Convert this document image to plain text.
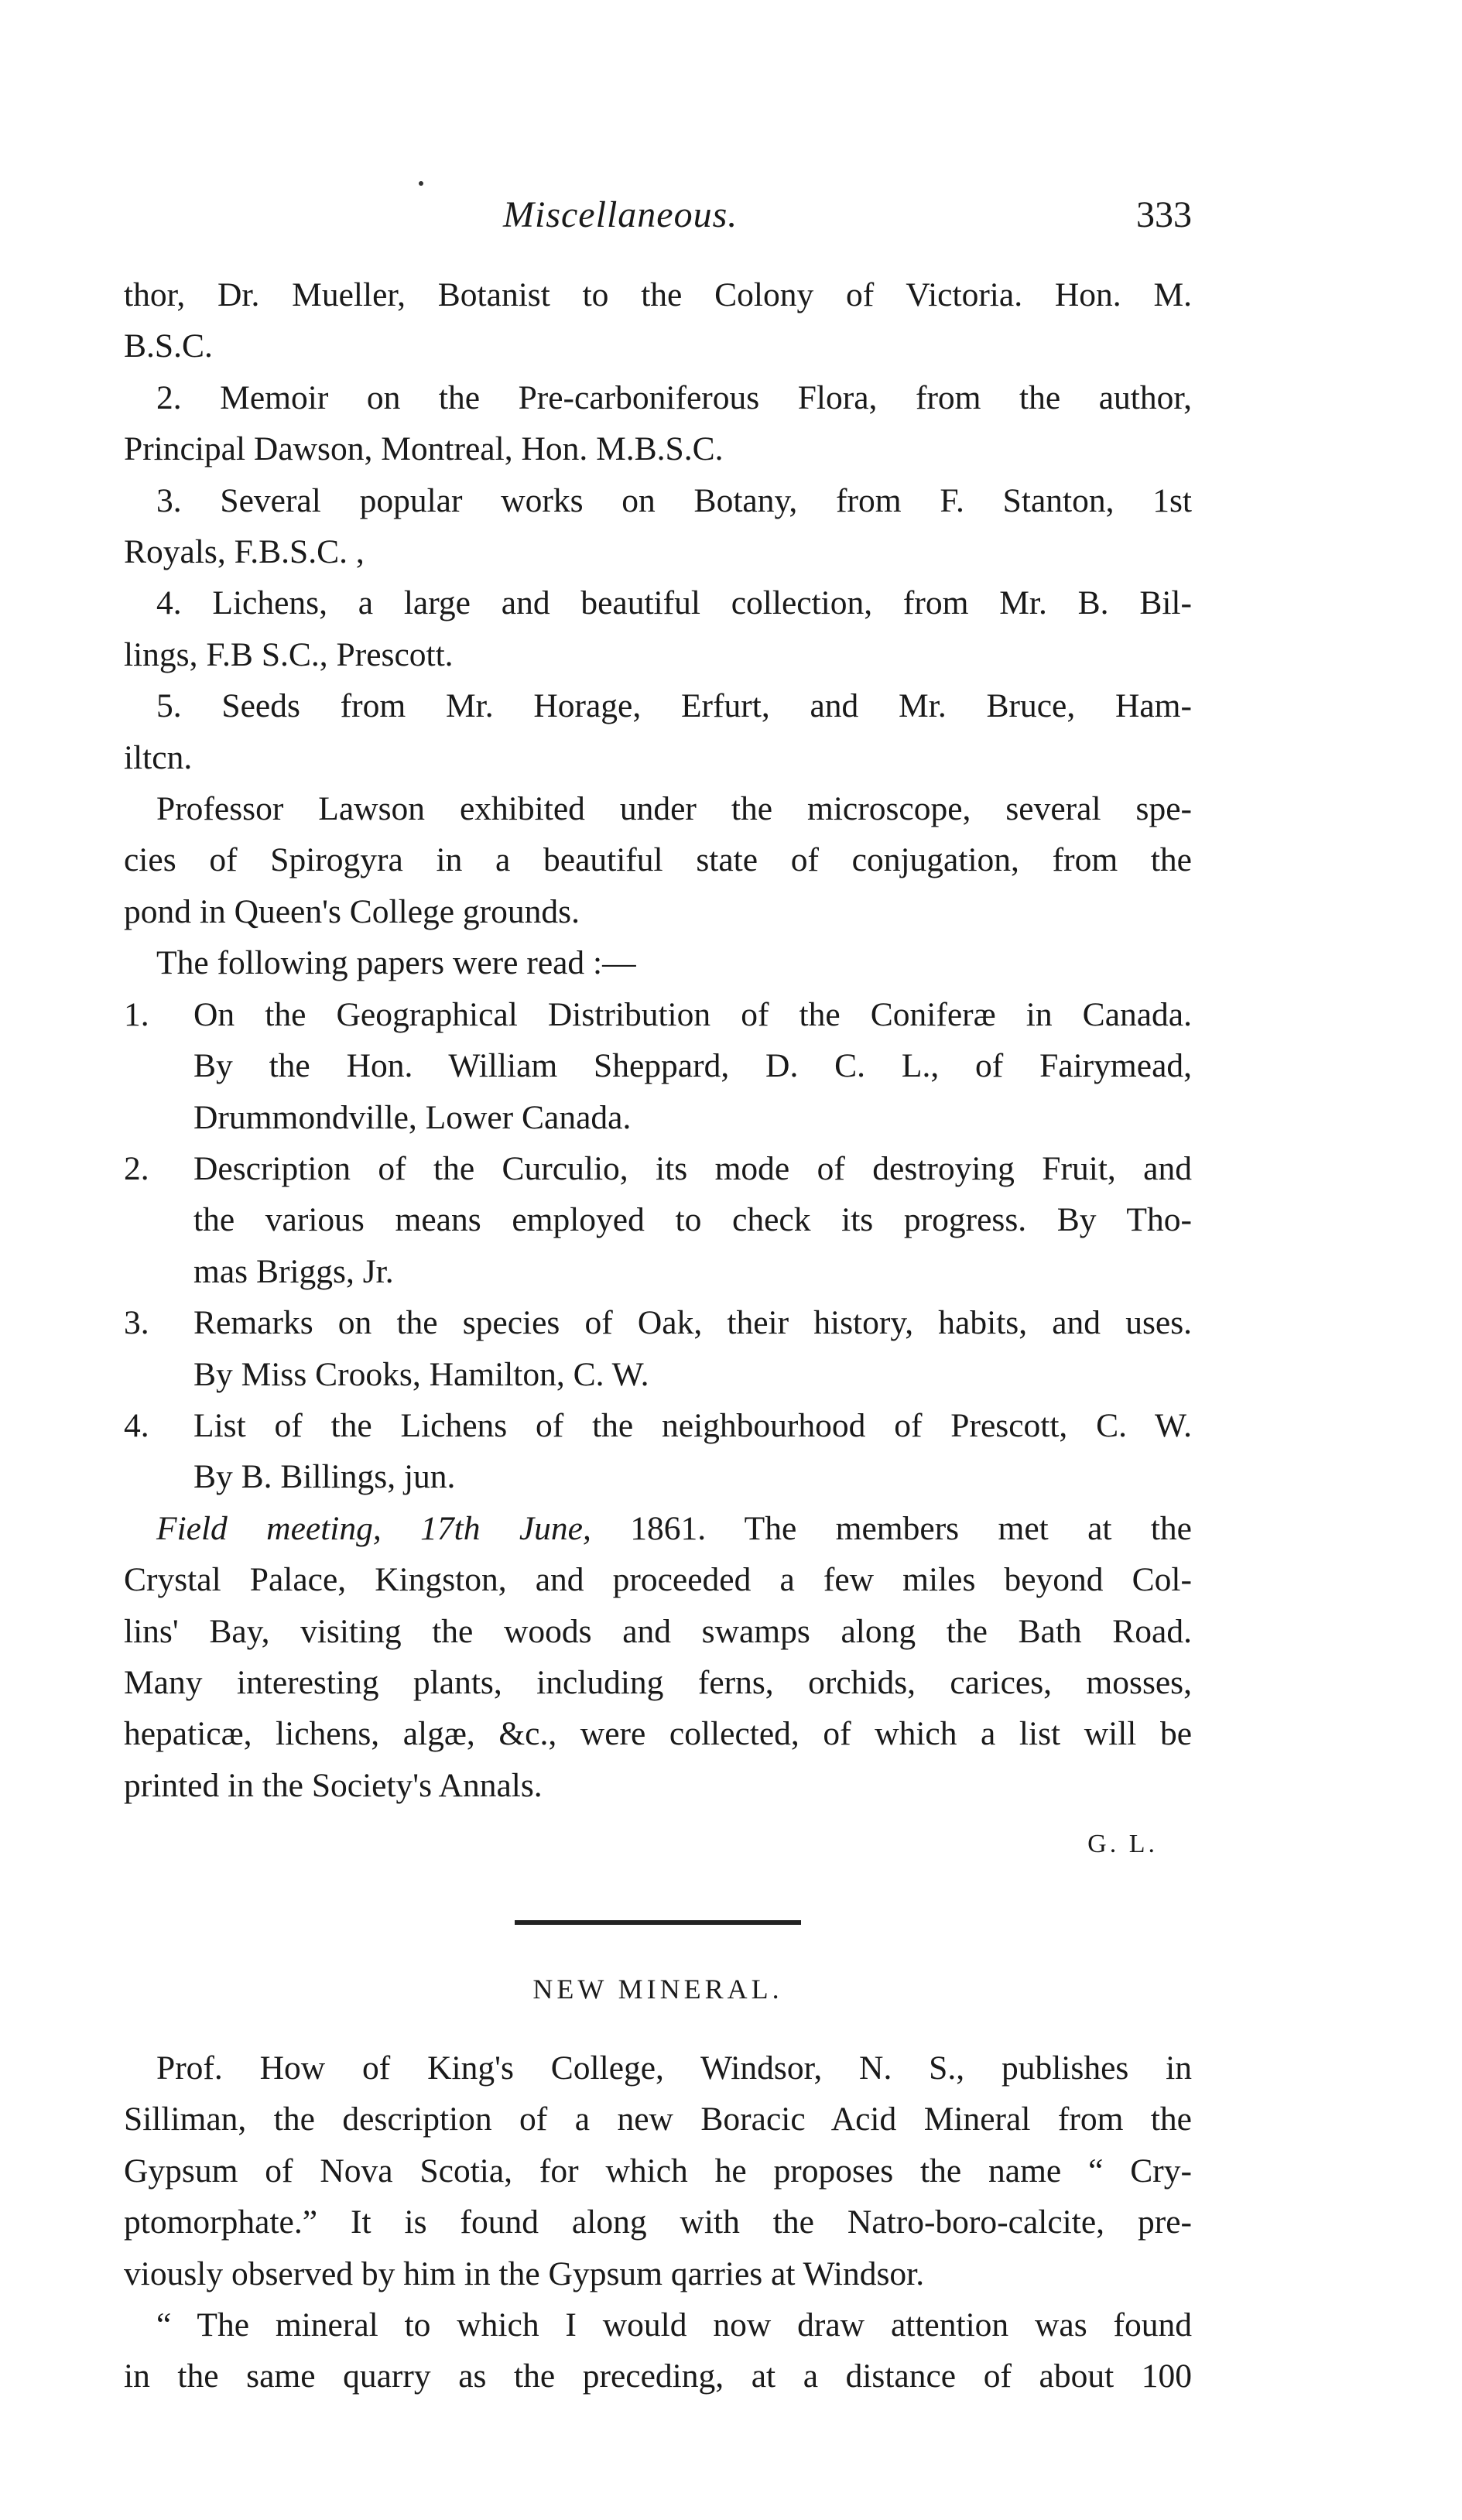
Miscellaneous.	333

thor, Dr. Mueller, Botanist to the Colony of Victoria. Hon. M.

B.S.C.

2. Memoir on the Pre-carboniferous Flora, from the author,

Principal Dawson, Montreal, Hon. M.B.S.C.

3. Several popular works on Botany, from F. Stanton, 1st

Royals, F.B.S.C. ,

4. Lichens, a large and beautiful collection, from Mr. B. Bil-

lings, F.B S.C., Prescott.

5. Seeds from Mr. Horage, Erfurt, and Mr. Bruce, Ham-

iltcn.

Professor Lawson exhibited under the microscope, several spe-

cies of Spirogyra in a beautiful state of conjugation, from the

pond in Queen's College grounds.

The following papers were read :—

1. On the Geographical Distribution of the Coniferæ in Canada.

By the Hon. William Sheppard, D. C. L., of Fairymead,

Drummondville, Lower Canada.

2. Description of the Curculio, its mode of destroying Fruit, and

the various means employed to check its progress. By Tho-

mas Briggs, Jr.

3. Remarks on the species of Oak, their history, habits, and uses.

By Miss Crooks, Hamilton, C. W.

4. List of the Lichens of the neighbourhood of Prescott, C. W.

By B. Billings, jun.

Field meeting, 17th June, 1861. The members met at the

Crystal Palace, Kingston, and proceeded a few miles beyond Col-

lins' Bay, visiting the woods and swamps along the Bath Road.

Many interesting plants, including ferns, orchids, carices, mosses,

hepaticæ, lichens, algæ, &c., were collected, of which a list will be

printed in the Society's Annals.

G. L.

NEW MINERAL.

Prof. How of King's College, Windsor, N. S., publishes in

Silliman, the description of a new Boracic Acid Mineral from the

Gypsum of Nova Scotia, for which he proposes the name “ Cry-

ptomorphate.” It is found along with the Natro-boro-calcite, pre-

viously observed by him in the Gypsum qarries at Windsor.

“ The mineral to which I would now draw attention was found

in the same quarry as the preceding, at a distance of about 100
